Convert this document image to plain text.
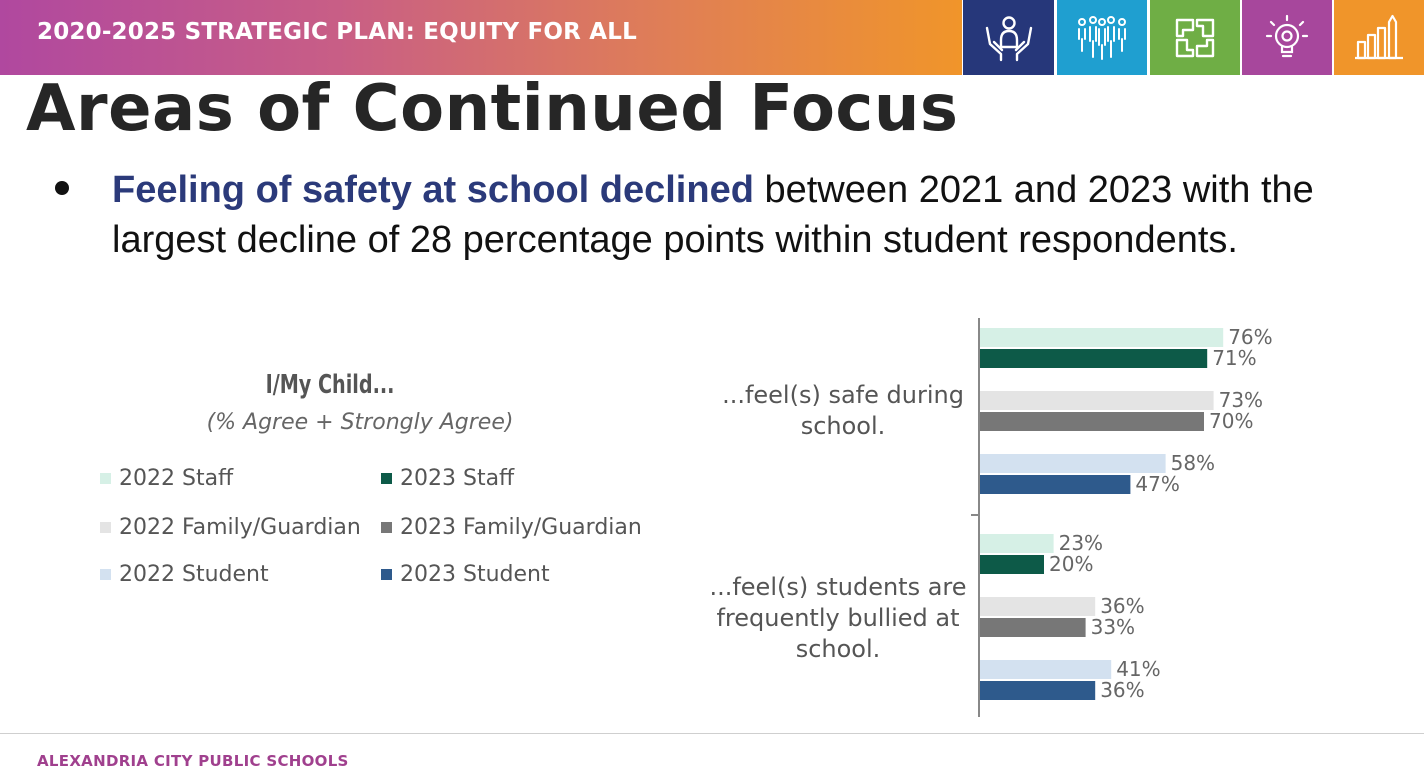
2020-2025 STRATEGIC PLAN: EQUITY FOR ALL
Areas of Continued Focus
Feeling of safety at school declined between 2021 and 2023 with the largest decline of 28 percentage points within student respondents.
I/My Child...
(% Agree + Strongly Agree)
2022 Staff	2023 Staff
2022 Family/Guardian 2023 Family/Guardian
2022 Student	2023 Student
...feel(s) safe during school.
...feel(s) students are frequently bullied at school.
76%
71%
73%
70%
58%
47%
23%
20%
36%
33%
41%
36%
ALEXANDRIA CITY PUBLIC SCHOOLS
